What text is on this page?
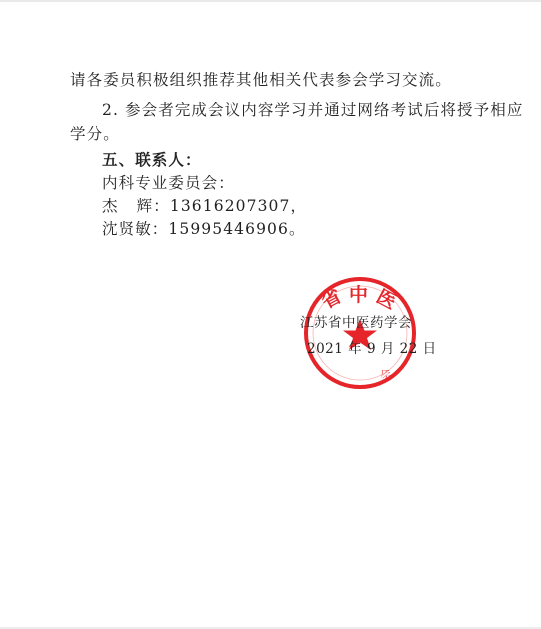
请各委员积极组织推荐其他相关代表参会学习交流。
2. 参会者完成会议内容学习并通过网络考试后将授予相应
学分。
五、联系人：
内科专业委员会：
杰   辉：13616207307，
沈贤敏：15995446906。
省 中 医
会
江苏省中医药学会
2021 年 9 月 22 日
